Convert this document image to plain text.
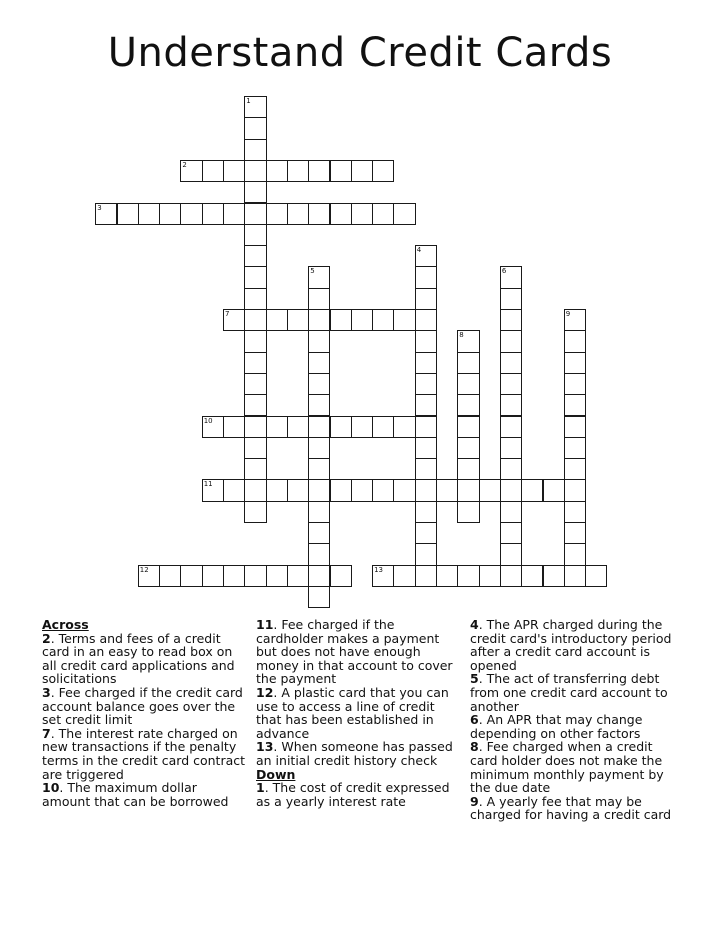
Understand Credit Cards
2
3
7
10
11
12	13
1
4
5	6
8
9

Across

2. Terms and fees of a credit card in an easy to read box on all credit card applications and solicitations

3. Fee charged if the credit card account balance goes over the set credit limit

7. The interest rate charged on new transactions if the penalty terms in the credit card contract are triggered

10. The maximum dollar amount that can be borrowed

11. Fee charged if the cardholder makes a payment but does not have enough money in that account to cover the payment

12. A plastic card that you can use to access a line of credit that has been established in advance

13. When someone has passed an initial credit history check

Down

1. The cost of credit expressed as a yearly interest rate

4. The APR charged during the credit card's introductory period after a credit card account is opened

5. The act of transferring debt from one credit card account to another

6. An APR that may change depending on other factors

8. Fee charged when a credit card holder does not make the minimum monthly payment by the due date

9. A yearly fee that may be charged for having a credit card
